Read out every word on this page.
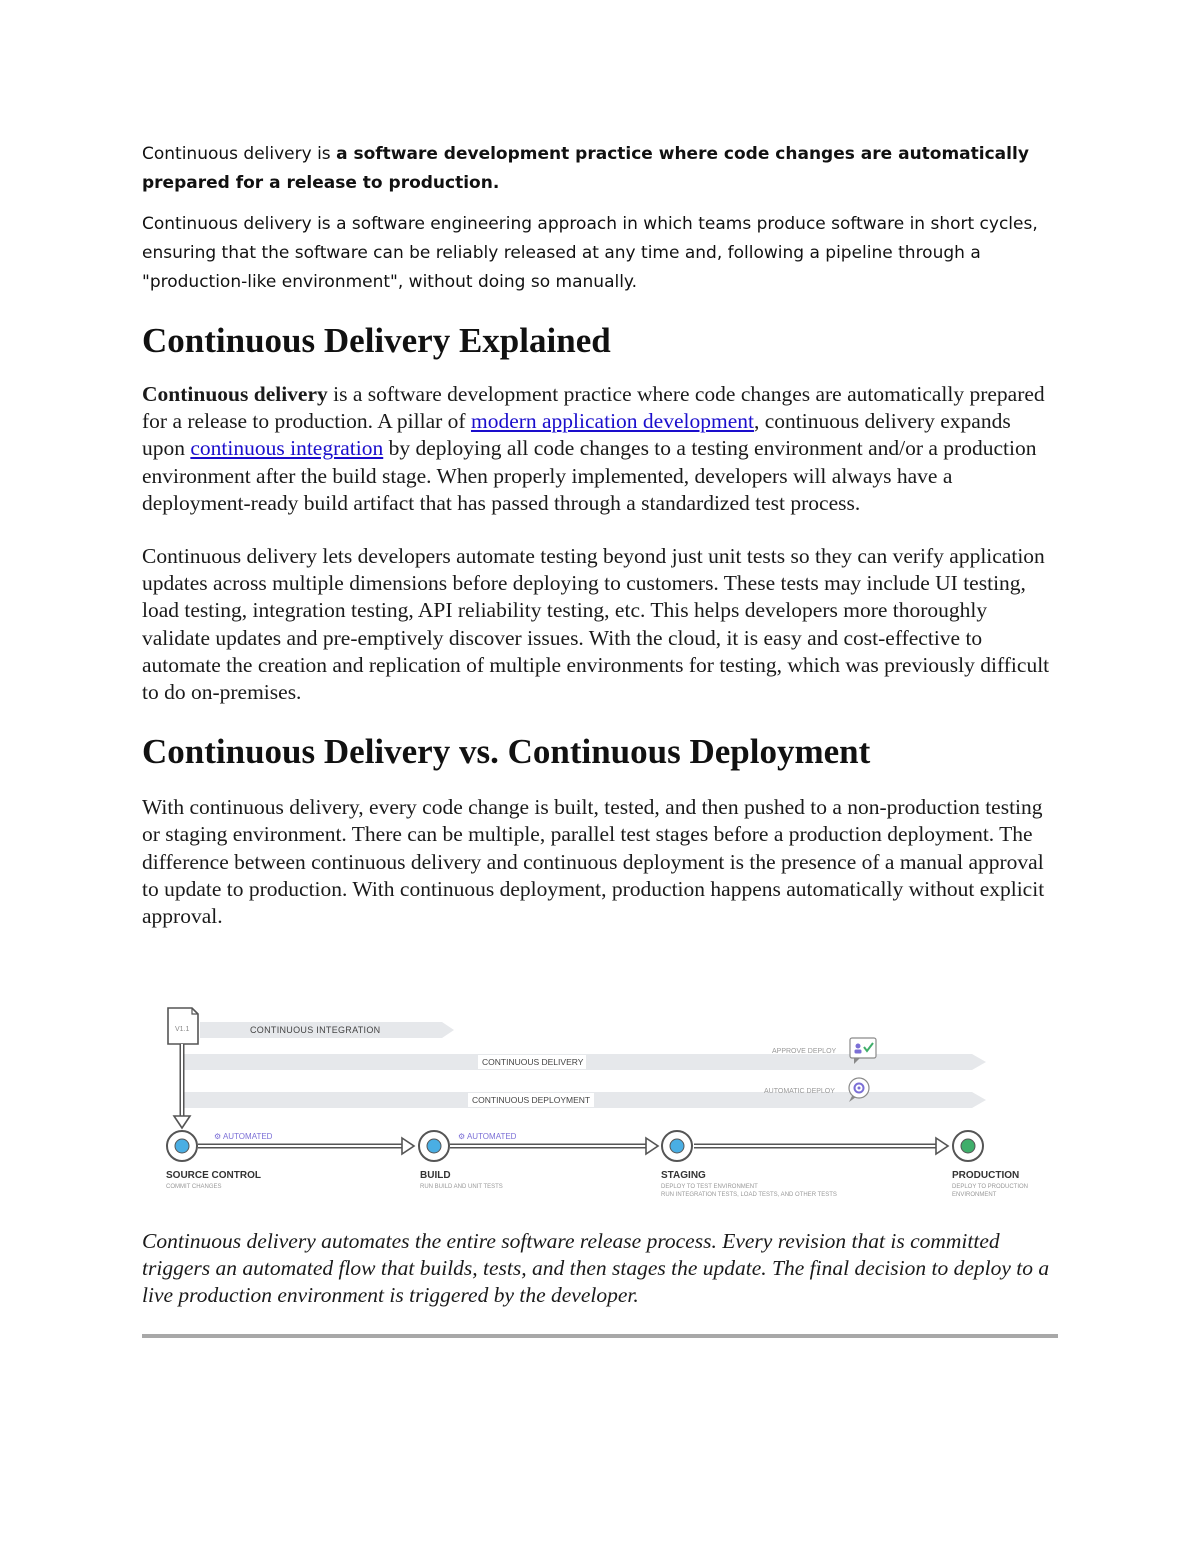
Continuous delivery is a software development practice where code changes are automatically prepared for a release to production.

Continuous delivery is a software engineering approach in which teams produce software in short cycles, ensuring that the software can be reliably released at any time and, following a pipeline through a "production-like environment", without doing so manually.

Continuous Delivery Explained

Continuous delivery is a software development practice where code changes are automatically prepared for a release to production. A pillar of modern application development, continuous delivery expands upon continuous integration by deploying all code changes to a testing environment and/or a production environment after the build stage. When properly implemented, developers will always have a deployment-ready build artifact that has passed through a standardized test process.

Continuous delivery lets developers automate testing beyond just unit tests so they can verify application updates across multiple dimensions before deploying to customers. These tests may include UI testing, load testing, integration testing, API reliability testing, etc. This helps developers more thoroughly validate updates and pre-emptively discover issues. With the cloud, it is easy and cost-effective to automate the creation and replication of multiple environments for testing, which was previously difficult to do on-premises.

Continuous Delivery vs. Continuous Deployment

With continuous delivery, every code change is built, tested, and then pushed to a non-production testing or staging environment. There can be multiple, parallel test stages before a production deployment. The difference between continuous delivery and continuous deployment is the presence of a manual approval to update to production. With continuous deployment, production happens automatically without explicit approval.

CONTINUOUS INTEGRATION
CONTINUOUS DELIVERY
APPROVE DEPLOY
CONTINUOUS DEPLOYMENT
AUTOMATIC DEPLOY
V1.1
⚙ AUTOMATED	⚙ AUTOMATED
SOURCE CONTROL
COMMIT CHANGES
BUILD
RUN BUILD AND UNIT TESTS
STAGING
DEPLOY TO TEST ENVIRONMENT
RUN INTEGRATION TESTS, LOAD TESTS, AND OTHER TESTS
PRODUCTION
DEPLOY TO PRODUCTION
ENVIRONMENT

Continuous delivery automates the entire software release process. Every revision that is committed triggers an automated flow that builds, tests, and then stages the update. The final decision to deploy to a live production environment is triggered by the developer.
